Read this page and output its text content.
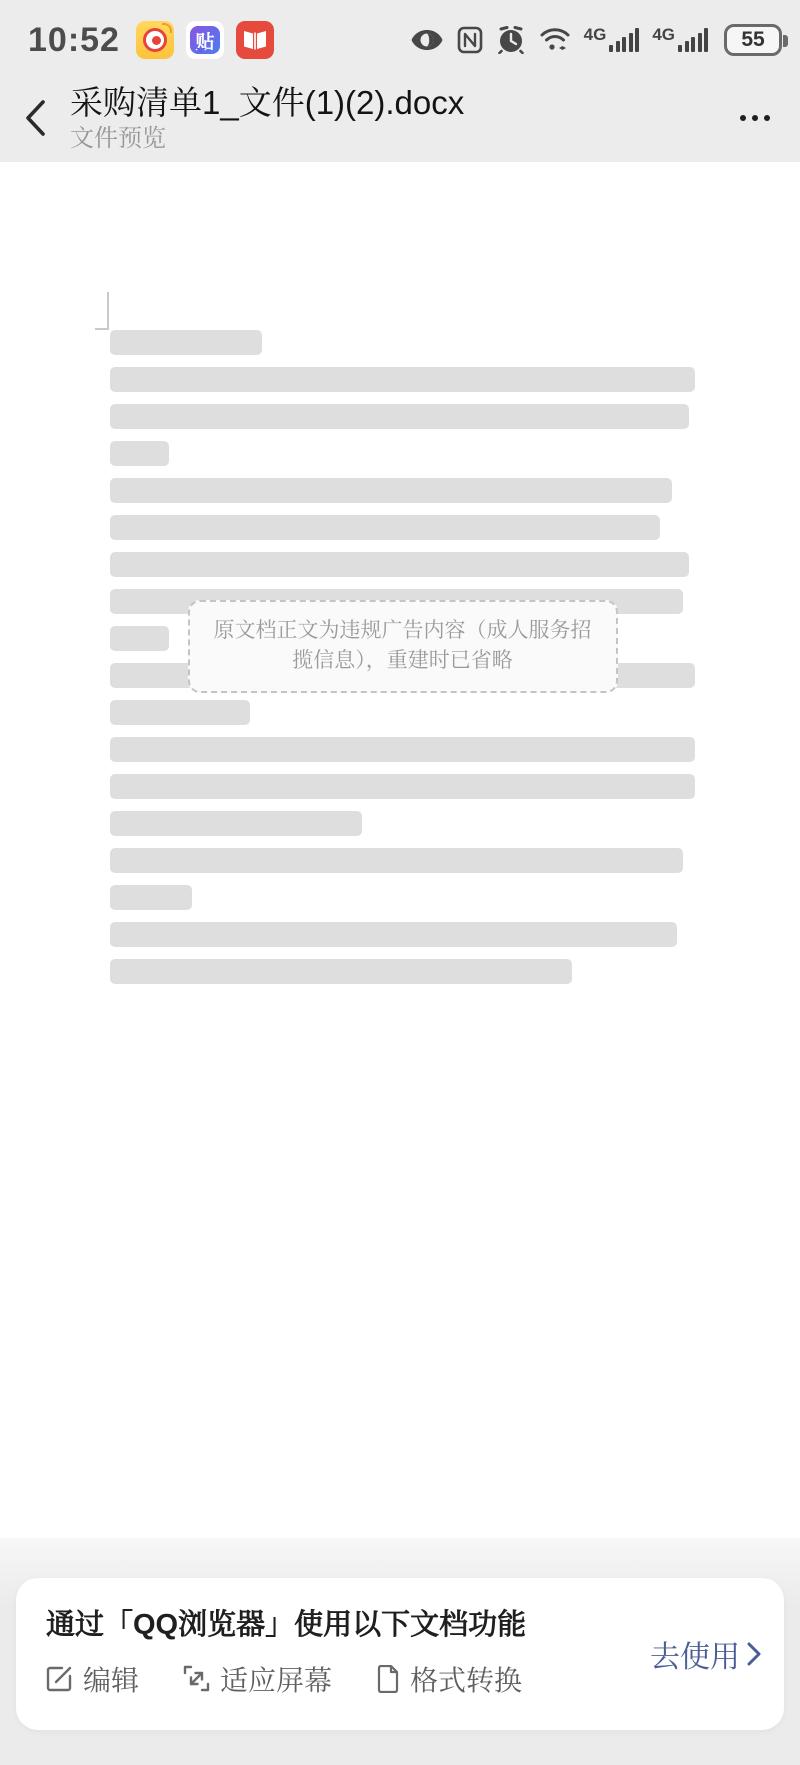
10:52	贴	4G	4G	55
采购清单1_文件(1)(2).docx
文件预览
原文档正文为违规广告内容（成人服务招揽信息），重建时已省略
通过「QQ浏览器」使用以下文档功能
编辑	适应屏幕	格式转换
去使用
